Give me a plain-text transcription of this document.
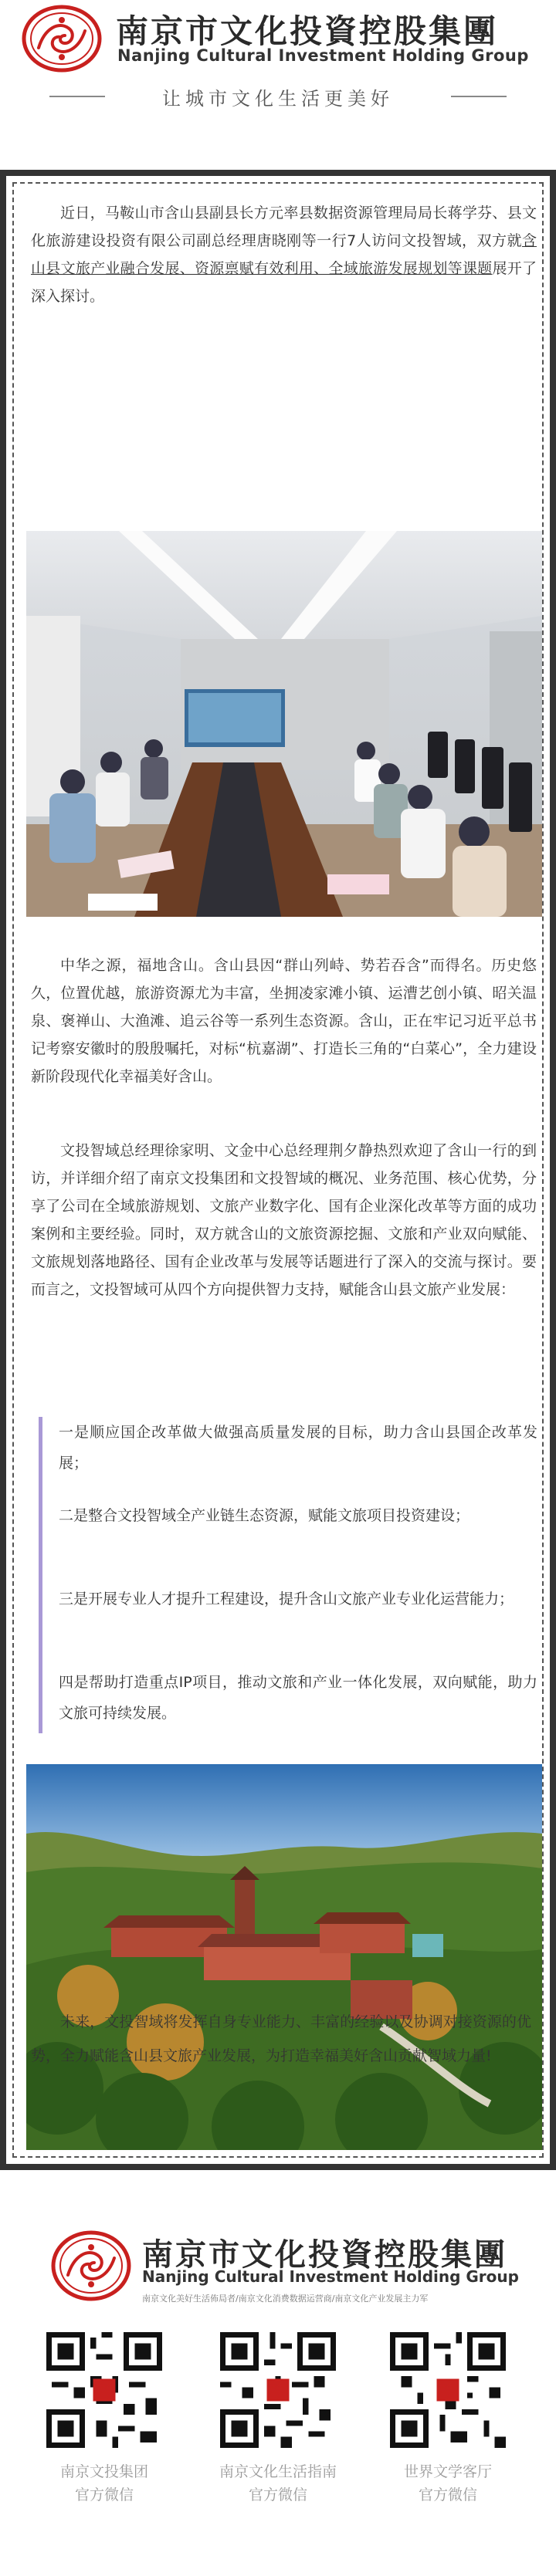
南京市文化投資控股集團
Nanjing Cultural Investment Holding Group
让城市文化生活更美好

近日，马鞍山市含山县副县长方元率县数据资源管理局局长蒋学芬、县文化旅游建设投资有限公司副总经理唐晓刚等一行7人访问文投智域，双方就含山县文旅产业融合发展、资源禀赋有效利用、全域旅游发展规划等课题展开了深入探讨。

中华之源，福地含山。含山县因“群山列峙、势若吞含”而得名。历史悠久，位置优越，旅游资源尤为丰富，坐拥凌家滩小镇、运漕艺创小镇、昭关温泉、褒禅山、大渔滩、追云谷等一系列生态资源。含山，正在牢记习近平总书记考察安徽时的殷殷嘱托，对标“杭嘉湖”、打造长三角的“白菜心”，全力建设新阶段现代化幸福美好含山。

文投智域总经理徐家明、文金中心总经理荆夕静热烈欢迎了含山一行的到访，并详细介绍了南京文投集团和文投智域的概况、业务范围、核心优势，分享了公司在全域旅游规划、文旅产业数字化、国有企业深化改革等方面的成功案例和主要经验。同时，双方就含山的文旅资源挖掘、文旅和产业双向赋能、文旅规划落地路径、国有企业改革与发展等话题进行了深入的交流与探讨。要而言之，文投智域可从四个方向提供智力支持，赋能含山县文旅产业发展：

一是顺应国企改革做大做强高质量发展的目标，助力含山县国企改革发展；

二是整合文投智域全产业链生态资源，赋能文旅项目投资建设；

三是开展专业人才提升工程建设，提升含山文旅产业专业化运营能力；

四是帮助打造重点IP项目，推动文旅和产业一体化发展，双向赋能，助力文旅可持续发展。

南京市文化投資控股集團
Nanjing Cultural Investment Holding Group
南京文化美好生活佈局者/南京文化消费数据运营商/南京文化产业发展主力军
南京文投集团
官方微信
南京文化生活指南
官方微信
世界文学客厅
官方微信

未来，文投智域将发挥自身专业能力、丰富的经验以及协调对接资源的优势，全力赋能含山县文旅产业发展，为打造幸福美好含山贡献智域力量!
